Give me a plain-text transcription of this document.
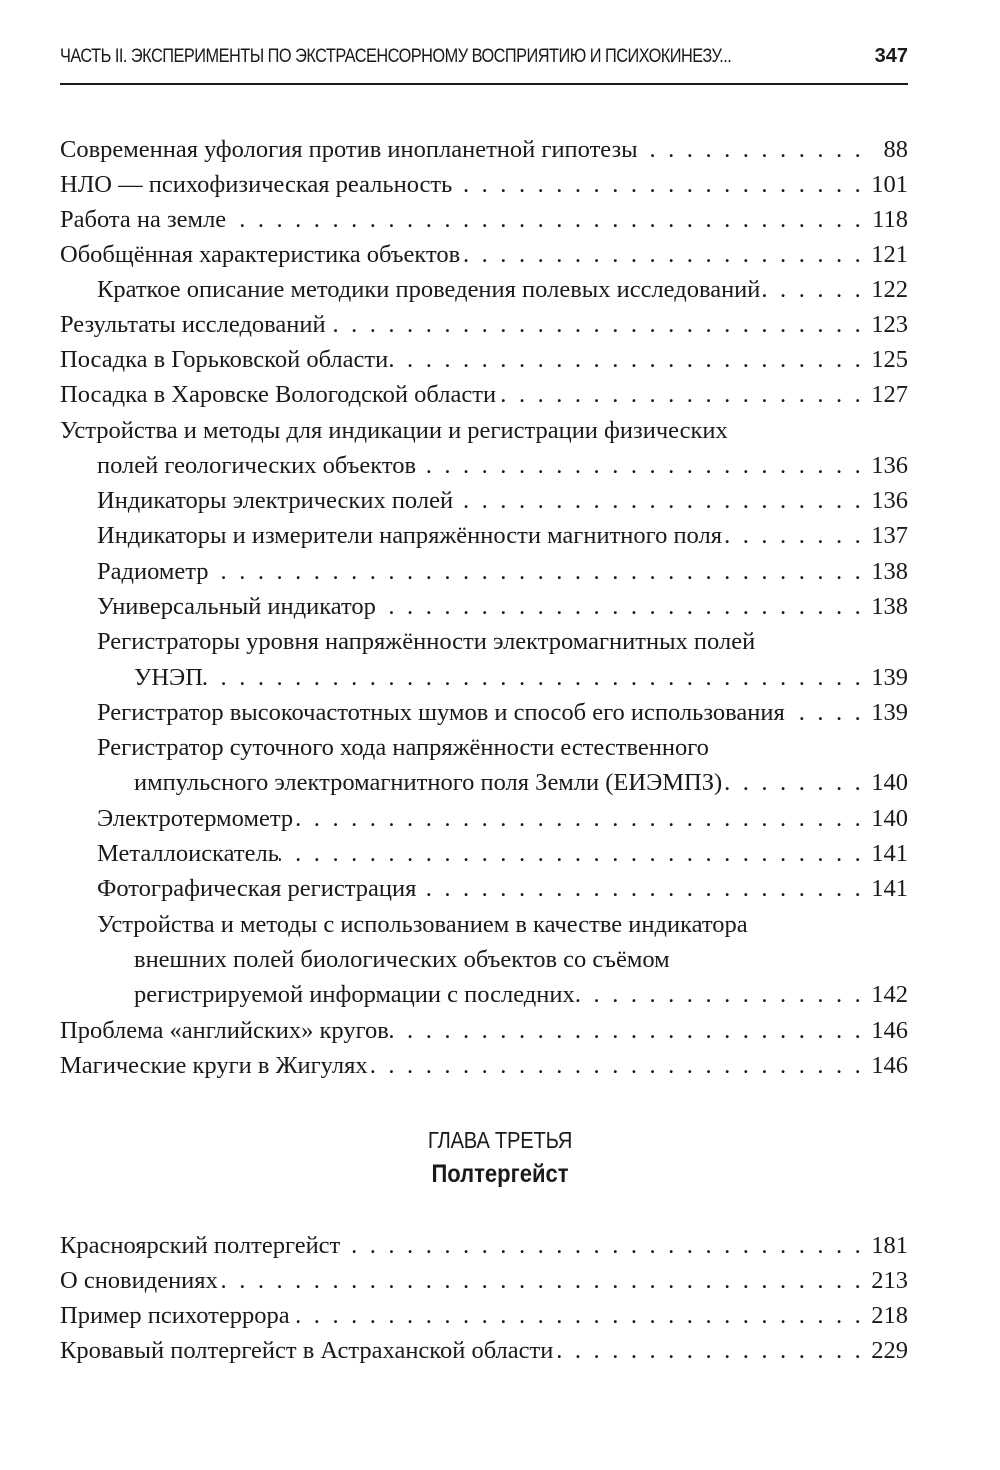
ЧАСТЬ II. ЭКСПЕРИМЕНТЫ ПО ЭКСТРАСЕНСОРНОМУ ВОСПРИЯТИЮ И ПСИХОКИНЕЗУ...	347
Современная уфология против инопланетной гипотезы . . .	88
НЛО — психофизическая реальность . . .	101
Работа на земле . . .	118
Обобщённая характеристика объектов . . .	121
Краткое описание методики проведения полевых исследований . . .	122
Результаты исследований . . .	123
Посадка в Горьковской области . . .	125
Посадка в Харовске Вологодской области . . .	127
Устройства и методы для индикации и регистрации физических
полей геологических объектов . . .	136
Индикаторы электрических полей . . .	136
Индикаторы и измерители напряжённости магнитного поля . . .	137
Радиометр . . .	138
Универсальный индикатор . . .	138
Регистраторы уровня напряжённости электромагнитных полей
УНЭП . . .	139
Регистратор высокочастотных шумов и способ его использования . . .	139
Регистратор суточного хода напряжённости естественного
импульсного электромагнитного поля Земли (ЕИЭМПЗ) . . .	140
Электротермометр . . .	140
Металлоискатель . . .	141
Фотографическая регистрация . . .	141
Устройства и методы с использованием в качестве индикатора
внешних полей биологических объектов со съёмом
регистрируемой информации с последних . . .	142
Проблема «английских» кругов . . .	146
Магические круги в Жигулях . . .	146
ГЛАВА ТРЕТЬЯ
Полтергейст
Красноярский полтергейст . . .	181
О сновидениях . . .	213
Пример психотеррора . . .	218
Кровавый полтергейст в Астраханской области . . .	229
